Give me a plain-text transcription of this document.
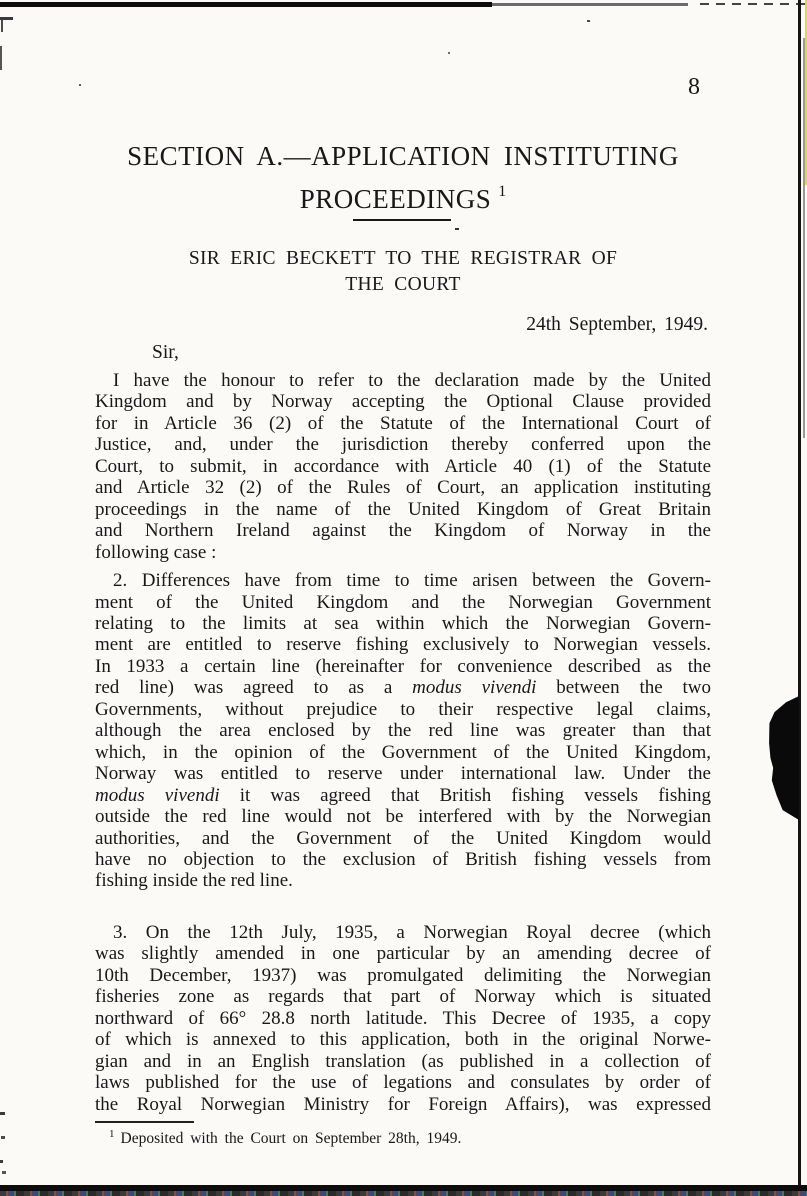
8
SECTION A.—APPLICATION INSTITUTING
PROCEEDINGS $^1$
SIR ERIC BECKETT TO THE REGISTRAR OF
THE COURT
24th September, 1949.
Sir,
I have the honour to refer to the declaration made by the United
Kingdom and by Norway accepting the Optional Clause provided
for in Article 36 (2) of the Statute of the International Court of
Justice, and, under the jurisdiction thereby conferred upon the
Court, to submit, in accordance with Article 40 (1) of the Statute
and Article 32 (2) of the Rules of Court, an application instituting
proceedings in the name of the United Kingdom of Great Britain
and Northern Ireland against the Kingdom of Norway in the
following case :
2. Differences have from time to time arisen between the Govern-
ment of the United Kingdom and the Norwegian Government
relating to the limits at sea within which the Norwegian Govern-
ment are entitled to reserve fishing exclusively to Norwegian vessels.
In 1933 a certain line (hereinafter for convenience described as the
red line) was agreed to as a modus vivendi between the two
Governments, without prejudice to their respective legal claims,
although the area enclosed by the red line was greater than that
which, in the opinion of the Government of the United Kingdom,
Norway was entitled to reserve under international law. Under the
modus vivendi it was agreed that British fishing vessels fishing
outside the red line would not be interfered with by the Norwegian
authorities, and the Government of the United Kingdom would
have no objection to the exclusion of British fishing vessels from
fishing inside the red line.
3. On the 12th July, 1935, a Norwegian Royal decree (which
was slightly amended in one particular by an amending decree of
10th December, 1937) was promulgated delimiting the Norwegian
fisheries zone as regards that part of Norway which is situated
northward of 66° 28.8 north latitude. This Decree of 1935, a copy
of which is annexed to this application, both in the original Norwe-
gian and in an English translation (as published in a collection of
laws published for the use of legations and consulates by order of
the Royal Norwegian Ministry for Foreign Affairs), was expressed
$^1$ Deposited with the Court on September 28th, 1949.
